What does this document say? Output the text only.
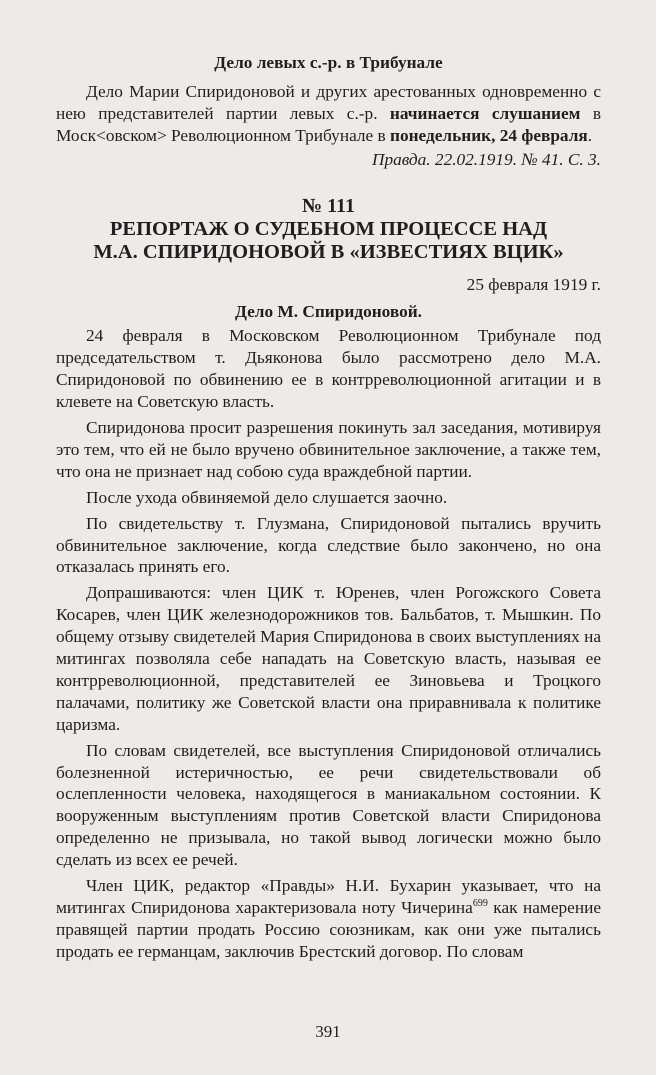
Дело левых с.-р. в Трибунале

Дело Марии Спиридоновой и других арестованных одновременно с нею представителей партии левых с.-р. начинается слушанием в Моск<овском> Революционном Трибунале в понедельник, 24 февраля.

Правда. 22.02.1919. № 41. С. 3.
№ 111
РЕПОРТАЖ О СУДЕБНОМ ПРОЦЕССЕ НАД
М.А. СПИРИДОНОВОЙ В «ИЗВЕСТИЯХ ВЦИК»
25 февраля 1919 г.
Дело М. Спиридоновой.

24 февраля в Московском Революционном Трибунале под председательством т. Дьяконова было рассмотрено дело М.А. Спиридоновой по обвинению ее в контрреволюционной агитации и в клевете на Советскую власть.

Спиридонова просит разрешения покинуть зал заседания, мотивируя это тем, что ей не было вручено обвинительное заключение, а также тем, что она не признает над собою суда враждебной партии.

После ухода обвиняемой дело слушается заочно.

По свидетельству т. Глузмана, Спиридоновой пытались вручить обвинительное заключение, когда следствие было закончено, но она отказалась принять его.

Допрашиваются: член ЦИК т. Юренев, член Рогожского Совета Косарев, член ЦИК железнодорожников тов. Бальбатов, т. Мышкин. По общему отзыву свидетелей Мария Спиридонова в своих выступлениях на митингах позволяла себе нападать на Советскую власть, называя ее контрреволюционной, представителей ее Зиновьева и Троцкого палачами, политику же Советской власти она приравнивала к политике царизма.

По словам свидетелей, все выступления Спиридоновой отличались болезненной истеричностью, ее речи свидетельствовали об ослепленности человека, находящегося в маниакальном состоянии. К вооруженным выступлениям против Советской власти Спиридонова определенно не призывала, но такой вывод логически можно было сделать из всех ее речей.

Член ЦИК, редактор «Правды» Н.И. Бухарин указывает, что на митингах Спиридонова характеризовала ноту Чичерина$^{699}$ как намерение правящей партии продать Россию союзникам, как они уже пытались продать ее германцам, заключив Брестский договор. По словам

391
